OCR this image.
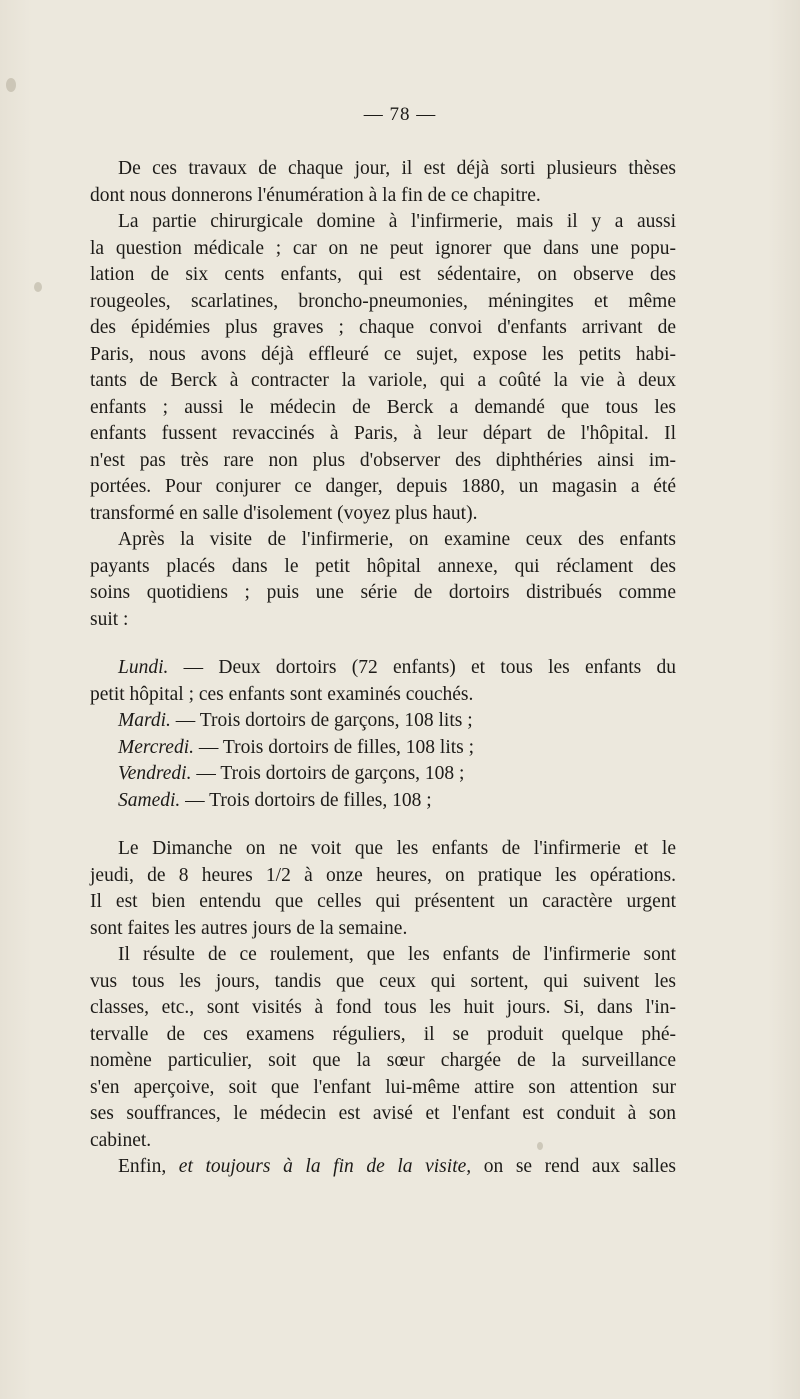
— 78 —
De ces travaux de chaque jour, il est déjà sorti plusieurs thèses
dont nous donnerons l'énumération à la fin de ce chapitre.
La partie chirurgicale domine à l'infirmerie, mais il y a aussi
la question médicale ; car on ne peut ignorer que dans une popu-
lation de six cents enfants, qui est sédentaire, on observe des
rougeoles, scarlatines, broncho-pneumonies, méningites et même
des épidémies plus graves ; chaque convoi d'enfants arrivant de
Paris, nous avons déjà effleuré ce sujet, expose les petits habi-
tants de Berck à contracter la variole, qui a coûté la vie à deux
enfants ; aussi le médecin de Berck a demandé que tous les
enfants fussent revaccinés à Paris, à leur départ de l'hôpital. Il
n'est pas très rare non plus d'observer des diphthéries ainsi im-
portées. Pour conjurer ce danger, depuis 1880, un magasin a été
transformé en salle d'isolement (voyez plus haut).
Après la visite de l'infirmerie, on examine ceux des enfants
payants placés dans le petit hôpital annexe, qui réclament des
soins quotidiens ; puis une série de dortoirs distribués comme
suit :
Lundi. — Deux dortoirs (72 enfants) et tous les enfants du
petit hôpital ; ces enfants sont examinés couchés.
Mardi. — Trois dortoirs de garçons, 108 lits ;
Mercredi. — Trois dortoirs de filles, 108 lits ;
Vendredi. — Trois dortoirs de garçons, 108 ;
Samedi. — Trois dortoirs de filles, 108 ;
Le Dimanche on ne voit que les enfants de l'infirmerie et le
jeudi, de 8 heures 1/2 à onze heures, on pratique les opérations.
Il est bien entendu que celles qui présentent un caractère urgent
sont faites les autres jours de la semaine.
Il résulte de ce roulement, que les enfants de l'infirmerie sont
vus tous les jours, tandis que ceux qui sortent, qui suivent les
classes, etc., sont visités à fond tous les huit jours. Si, dans l'in-
tervalle de ces examens réguliers, il se produit quelque phé-
nomène particulier, soit que la sœur chargée de la surveillance
s'en aperçoive, soit que l'enfant lui-même attire son attention sur
ses souffrances, le médecin est avisé et l'enfant est conduit à son
cabinet.
Enfin, et toujours à la fin de la visite, on se rend aux salles
